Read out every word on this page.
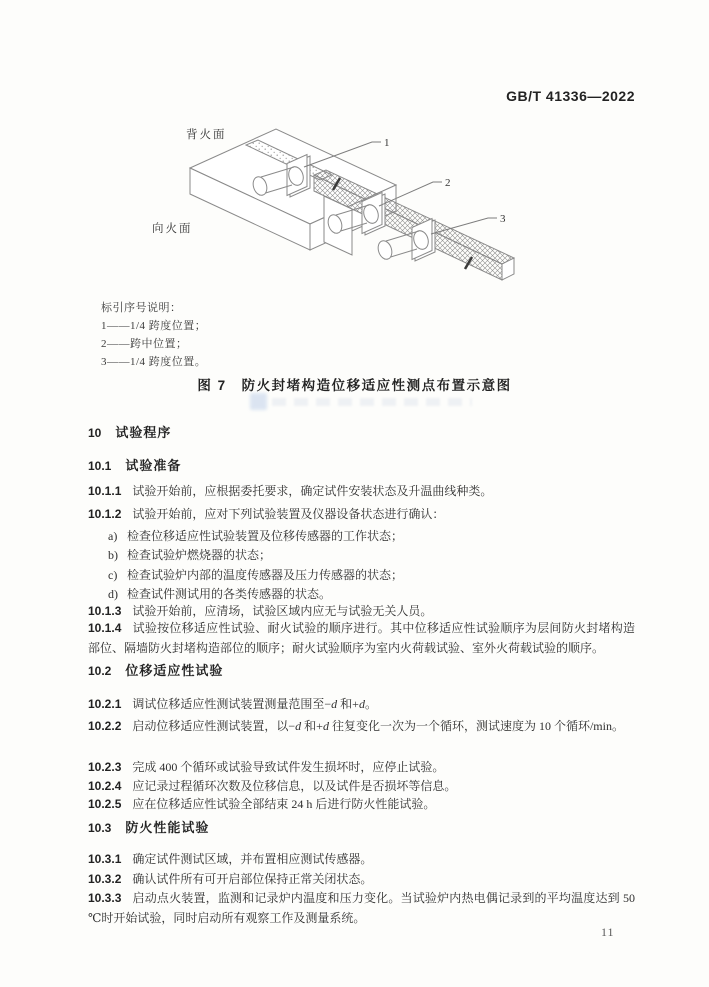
GB/T 41336—2022
1
2
3
背火面
向火面
标引序号说明：
1——1/4 跨度位置；
2——跨中位置；
3——1/4 跨度位置。
图 7　防火封堵构造位移适应性测点布置示意图
10 试验程序
10.1 试验准备
10.1.1 试验开始前，应根据委托要求，确定试件安装状态及升温曲线种类。
10.1.2 试验开始前，应对下列试验装置及仪器设备状态进行确认：
a) 检查位移适应性试验装置及位移传感器的工作状态；
b) 检查试验炉燃烧器的状态；
c) 检查试验炉内部的温度传感器及压力传感器的状态；
d) 检查试件测试用的各类传感器的状态。
10.1.3 试验开始前，应清场，试验区域内应无与试验无关人员。
10.1.4 试验按位移适应性试验、耐火试验的顺序进行。其中位移适应性试验顺序为层间防火封堵构造部位、隔墙防火封堵构造部位的顺序；耐火试验顺序为室内火荷载试验、室外火荷载试验的顺序。
10.2 位移适应性试验
10.2.1 调试位移适应性测试装置测量范围至−d 和+d。
10.2.2 启动位移适应性测试装置，以−d 和+d 往复变化一次为一个循环，测试速度为 10 个循环/min。
10.2.3 完成 400 个循环或试验导致试件发生损坏时，应停止试验。
10.2.4 应记录过程循环次数及位移信息，以及试件是否损坏等信息。
10.2.5 应在位移适应性试验全部结束 24 h 后进行防火性能试验。
10.3 防火性能试验
10.3.1 确定试件测试区域，并布置相应测试传感器。
10.3.2 确认试件所有可开启部位保持正常关闭状态。
10.3.3 启动点火装置，监测和记录炉内温度和压力变化。当试验炉内热电偶记录到的平均温度达到 50 ℃时开始试验，同时启动所有观察工作及测量系统。
11
